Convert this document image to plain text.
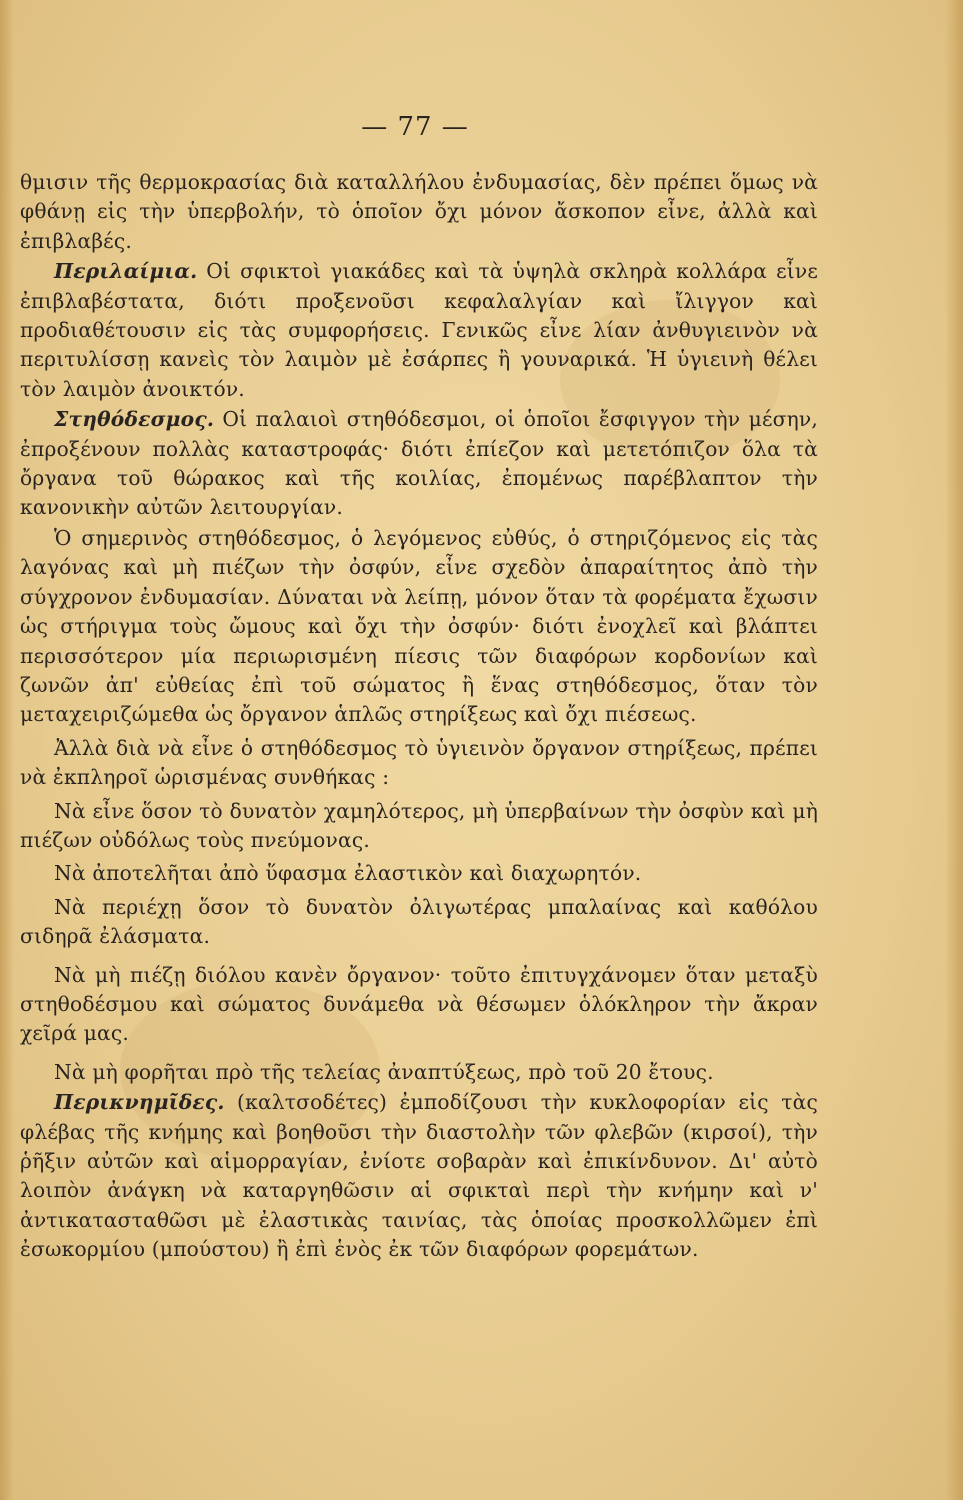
— 77 —

θμισιν τῆς θερμοκρασίας διὰ καταλλήλου ἐνδυμασίας, δὲν πρέπει ὅμως νὰ φθάνῃ εἰς τὴν ὑπερβολήν, τὸ ὁποῖον ὄχι μόνον ἄσκοπον εἶνε, ἀλλὰ καὶ ἐπιβλαβές.

Περιλαίμια. Οἱ σφικτοὶ γιακάδες καὶ τὰ ὑψηλὰ σκληρὰ κολλάρα εἶνε ἐπιβλαβέστατα, διότι προξενοῦσι κεφαλαλγίαν καὶ ἴλιγγον καὶ προδιαθέτουσιν εἰς τὰς συμφορήσεις. Γενικῶς εἶνε λίαν ἀνθυγιεινὸν νὰ περιτυλίσσῃ κανεὶς τὸν λαιμὸν μὲ ἐσάρπες ἢ γουναρικά. Ἡ ὑγιεινὴ θέλει τὸν λαιμὸν ἀνοικτόν.

Στηθόδεσμος. Οἱ παλαιοὶ στηθόδεσμοι, οἱ ὁποῖοι ἔσφιγγον τὴν μέσην, ἐπροξένουν πολλὰς καταστροφάς· διότι ἐπίεζον καὶ μετετόπιζον ὅλα τὰ ὄργανα τοῦ θώρακος καὶ τῆς κοιλίας, ἐπομένως παρέβλαπτον τὴν κανονικὴν αὐτῶν λειτουργίαν.

Ὁ σημερινὸς στηθόδεσμος, ὁ λεγόμενος εὐθύς, ὁ στηριζόμενος εἰς τὰς λαγόνας καὶ μὴ πιέζων τὴν ὀσφύν, εἶνε σχεδὸν ἀπαραίτητος ἀπὸ τὴν σύγχρονον ἐνδυμασίαν. Δύναται νὰ λείπῃ, μόνον ὅταν τὰ φορέματα ἔχωσιν ὡς στήριγμα τοὺς ὤμους καὶ ὄχι τὴν ὀσφύν· διότι ἐνοχλεῖ καὶ βλάπτει περισσότερον μία περιωρισμένη πίεσις τῶν διαφόρων κορδονίων καὶ ζωνῶν ἀπ' εὐθείας ἐπὶ τοῦ σώματος ἢ ἕνας στηθόδεσμος, ὅταν τὸν μεταχειριζώμεθα ὡς ὄργανον ἁπλῶς στηρίξεως καὶ ὄχι πιέσεως.

Ἀλλὰ διὰ νὰ εἶνε ὁ στηθόδεσμος τὸ ὑγιεινὸν ὄργανον στηρίξεως, πρέπει νὰ ἐκπληροῖ ὡρισμένας συνθήκας :

Νὰ εἶνε ὅσον τὸ δυνατὸν χαμηλότερος, μὴ ὑπερβαίνων τὴν ὀσφὺν καὶ μὴ πιέζων οὐδόλως τοὺς πνεύμονας.

Νὰ ἀποτελῆται ἀπὸ ὕφασμα ἐλαστικὸν καὶ διαχωρητόν.

Νὰ περιέχῃ ὅσον τὸ δυνατὸν ὀλιγωτέρας μπαλαίνας καὶ καθόλου σιδηρᾶ ἐλάσματα.

Νὰ μὴ πιέζῃ διόλου κανὲν ὄργανον· τοῦτο ἐπιτυγχάνομεν ὅταν μεταξὺ στηθοδέσμου καὶ σώματος δυνάμεθα νὰ θέσωμεν ὁλόκληρον τὴν ἄκραν χεῖρά μας.

Νὰ μὴ φορῆται πρὸ τῆς τελείας ἀναπτύξεως, πρὸ τοῦ 20 ἔτους.

Περικνημῖδες. (καλτσοδέτες) ἐμποδίζουσι τὴν κυκλοφορίαν εἰς τὰς φλέβας τῆς κνήμης καὶ βοηθοῦσι τὴν διαστολὴν τῶν φλεβῶν (κιρσοί), τὴν ῥῆξιν αὐτῶν καὶ αἱμορραγίαν, ἐνίοτε σοβαρὰν καὶ ἐπικίνδυνον. Δι' αὐτὸ λοιπὸν ἀνάγκη νὰ καταργηθῶσιν αἱ σφικταὶ περὶ τὴν κνήμην καὶ ν' ἀντικατασταθῶσι μὲ ἐλαστικὰς ταινίας, τὰς ὁποίας προσκολλῶμεν ἐπὶ ἐσωκορμίου (μπούστου) ἢ ἐπὶ ἑνὸς ἐκ τῶν διαφόρων φορεμάτων.
